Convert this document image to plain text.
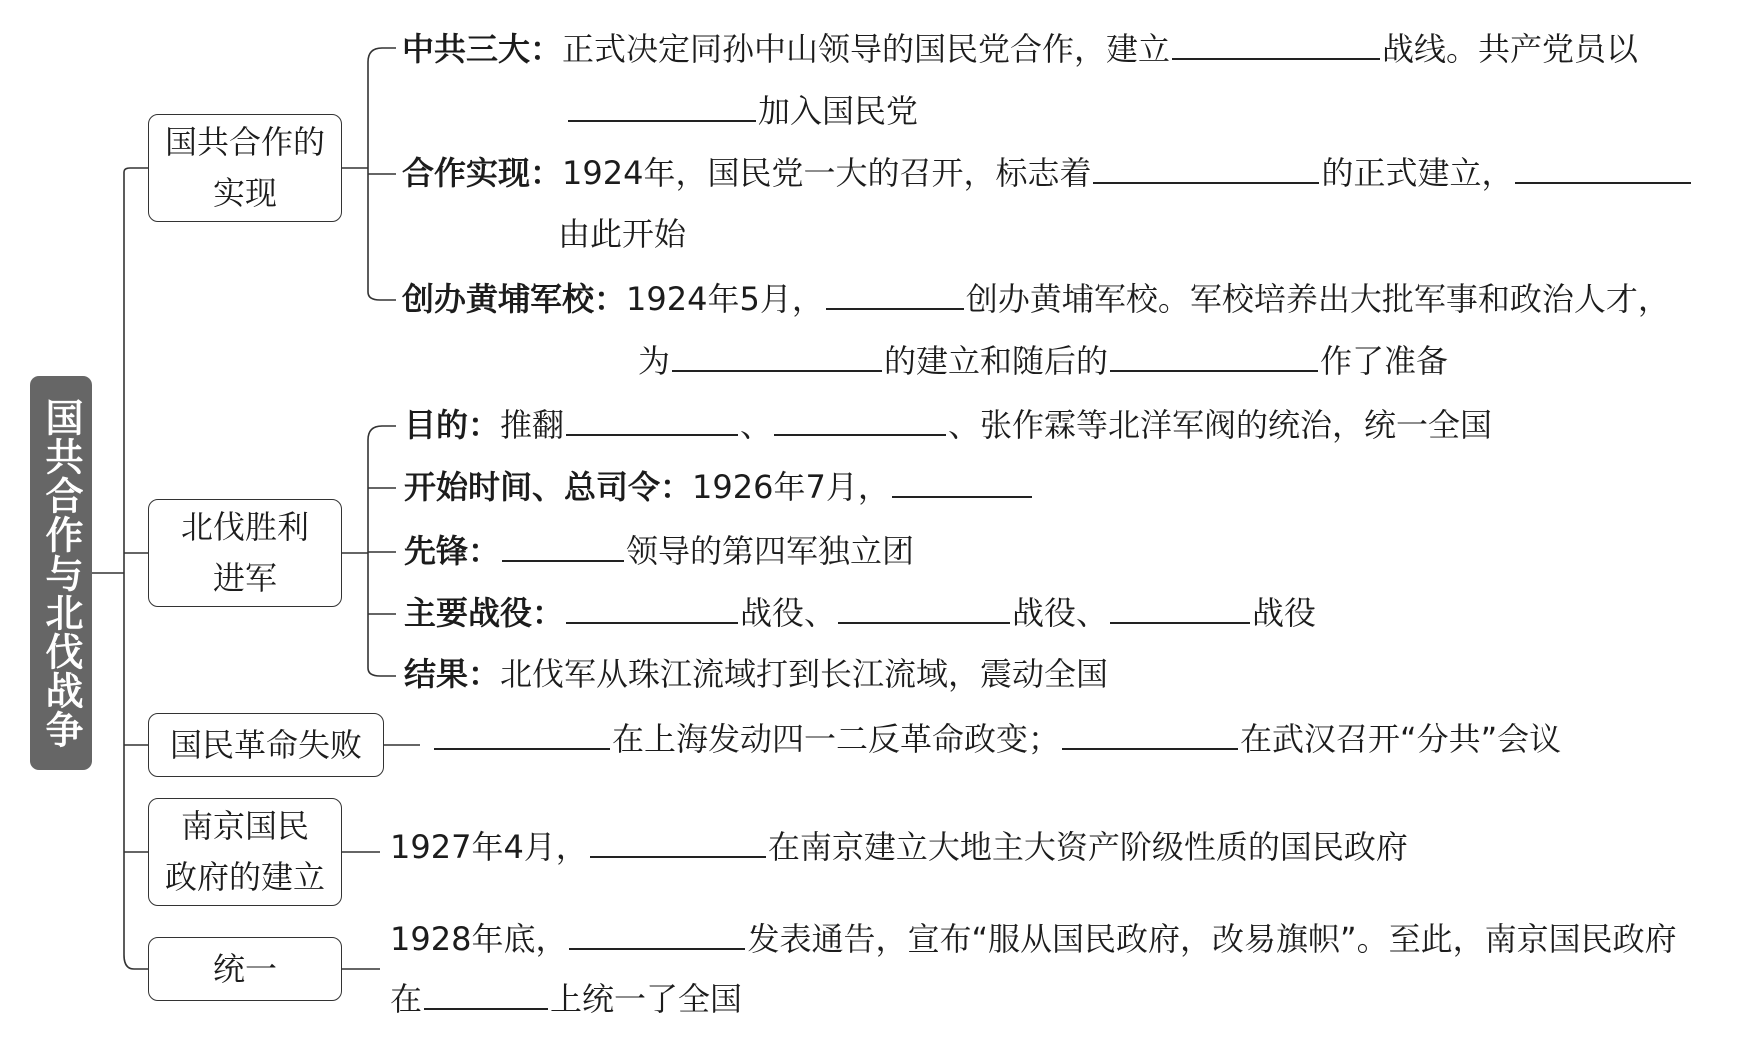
国共合作与北伐战争
国共合作的
实现
中共三大：正式决定同孙中山领导的国民党合作，建立	战线。共产党员以
加入国民党
合作实现：1924年，国民党一大的召开，标志着	的正式建立，
由此开始
创办黄埔军校：1924年5月，	创办黄埔军校。军校培养出大批军事和政治人才，
为	的建立和随后的	作了准备
北伐胜利
进军
目的：推翻	、	、张作霖等北洋军阀的统治，统一全国
开始时间、总司令：1926年7月，
先锋：	领导的第四军独立团
主要战役：	战役、	战役、	战役
结果：北伐军从珠江流域打到长江流域，震动全国
国民革命失败	在上海发动四一二反革命政变；	在武汉召开“分共”会议
南京国民
政府的建立
1927年4月，	在南京建立大地主大资产阶级性质的国民政府
统一
1928年底，	发表通告，宣布“服从国民政府，改易旗帜”。至此，南京国民政府
在	上统一了全国
